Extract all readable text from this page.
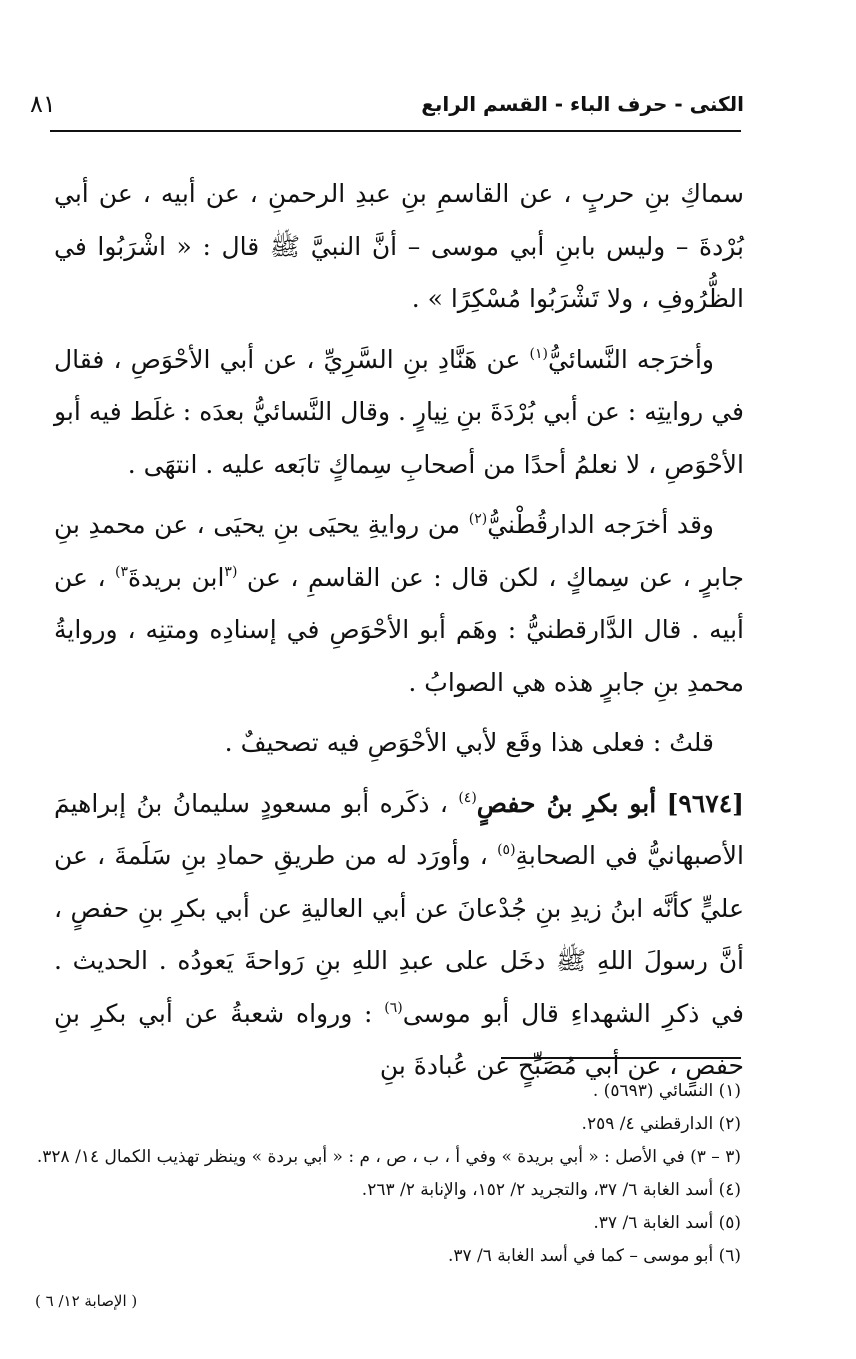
الكنى - حرف الباء - القسم الرابع
٨١

سماكِ بنِ حربٍ ، عن القاسمِ بنِ عبدِ الرحمنِ ، عن أبيه ، عن أبي بُرْدةَ – وليس بابنِ أبي موسى – أنَّ النبيَّ ﷺ قال : « اشْرَبُوا في الظُّرُوفِ ، ولا تَشْرَبُوا مُسْكِرًا » .

وأخرَجه النَّسائيُّ$^{(١)}$ عن هَنَّادِ بنِ السَّرِيِّ ، عن أبي الأحْوَصِ ، فقال في روايتِه : عن أبي بُرْدَةَ بنِ نِيارٍ . وقال النَّسائيُّ بعدَه : غلَط فيه أبو الأحْوَصِ ، لا نعلمُ أحدًا من أصحابِ سِماكٍ تابَعه عليه . انتهَى .

وقد أخرَجه الدارقُطْنيُّ$^{(٢)}$ من روايةِ يحيَى بنِ يحيَى ، عن محمدِ بنِ جابرٍ ، عن سِماكٍ ، لكن قال : عن القاسمِ ، عن $^{(٣}$ابن بريدةَ$^{٣)}$ ، عن أبيه . قال الدَّارقطنيُّ : وهَم أبو الأحْوَصِ في إسنادِه ومتنِه ، وروايةُ محمدِ بنِ جابرٍ هذه هي الصوابُ .

قلتُ : فعلى هذا وقَع لأبي الأحْوَصِ فيه تصحيفٌ .

[٩٦٧٤] أبو بكرِ بنُ حفصٍ$^{(٤)}$ ، ذكَره أبو مسعودٍ سليمانُ بنُ إبراهيمَ الأصبهانيُّ في الصحابةِ$^{(٥)}$ ، وأورَد له من طريقِ حمادِ بنِ سَلَمةَ ، عن عليٍّ كأنَّه ابنُ زيدِ بنِ جُدْعانَ عن أبي العاليةِ عن أبي بكرِ بنِ حفصٍ ، أنَّ رسولَ اللهِ ﷺ دخَل على عبدِ اللهِ بنِ رَواحةَ يَعودُه . الحديث . في ذكرِ الشهداءِ قال أبو موسى$^{(٦)}$ : ورواه شعبةُ عن أبي بكرِ بنِ حفصٍ ، عن أبي مُصَبِّحٍ عن عُبادةَ بنِ

(١) النسائي (٥٦٩٣) .
(٢) الدارقطني ٤/ ٢٥٩.
(٣ – ٣) في الأصل : « أبي بريدة » وفي أ ، ب ، ص ، م : « أبي بردة » وينظر تهذيب الكمال ١٤/ ٣٢٨.
(٤) أسد الغابة ٦/ ٣٧، والتجريد ٢/ ١٥٢، والإنابة ٢/ ٢٦٣.
(٥) أسد الغابة ٦/ ٣٧.
(٦) أبو موسى – كما في أسد الغابة ٦/ ٣٧.
( الإصابة ١٢/ ٦ )
